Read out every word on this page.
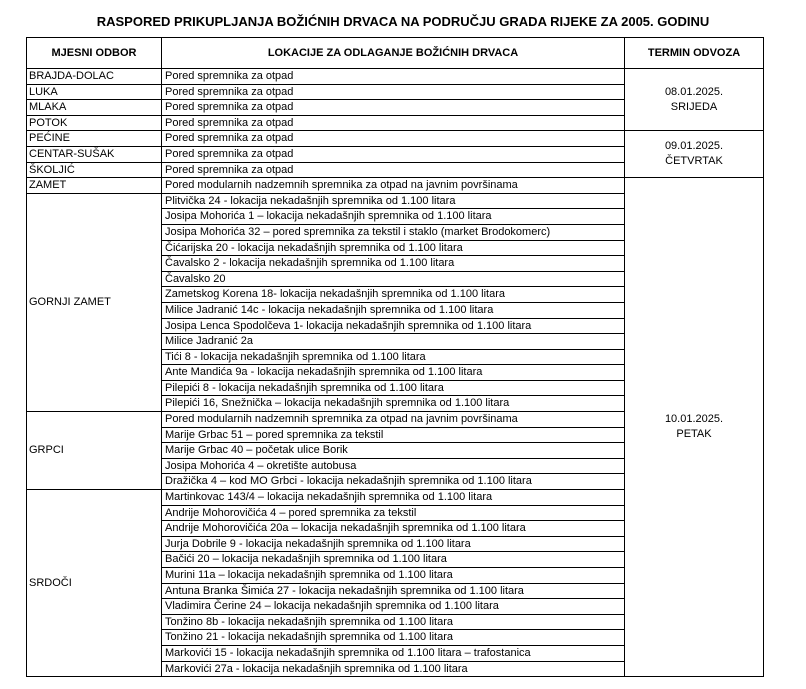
RASPORED PRIKUPLJANJA BOŽIĆNIH DRVACA NA PODRUČJU GRADA RIJEKE ZA 2005. GODINU
MJESNI ODBOR	LOKACIJE ZA ODLAGANJE BOŽIĆNIH DRVACA	TERMIN ODVOZA
BRAJDA-DOLAC	Pored spremnika za otpad	08.01.2025.
SRIJEDA

LUKA	Pored spremnika za otpad	
MLAKA	Pored spremnika za otpad	
POTOK	Pored spremnika za otpad	
PEĆINE	Pored spremnika za otpad	09.01.2025.
ČETVRTAK

CENTAR-SUŠAK	Pored spremnika za otpad	
ŠKOLJIĆ	Pored spremnika za otpad	
ZAMET	Pored modularnih nadzemnih spremnika za otpad na javnim površinama	10.01.2025.
PETAK

GORNJI ZAMET	Plitvička 24 - lokacija nekadašnjih spremnika od 1.100 litara	
	Josipa Mohorića 1 – lokacija nekadašnjih spremnika od 1.100 litara	
	Josipa Mohorića 32 – pored spremnika za tekstil i staklo (market Brodokomerc)	
	Čićarijska 20 - lokacija nekadašnjih spremnika od 1.100 litara	
	Čavalsko 2 - lokacija nekadašnjih spremnika od 1.100 litara	
	Čavalsko 20	
	Zametskog Korena 18- lokacija nekadašnjih spremnika od 1.100 litara	
	Milice Jadranić 14c - lokacija nekadašnjih spremnika od 1.100 litara	
	Josipa Lenca Spodolčeva 1- lokacija nekadašnjih spremnika od 1.100 litara	
	Milice Jadranić 2a	
	Tići 8 - lokacija nekadašnjih spremnika od 1.100 litara	
	Ante Mandića 9a - lokacija nekadašnjih spremnika od 1.100 litara	
	Pilepići 8 - lokacija nekadašnjih spremnika od 1.100 litara	
	Pilepići 16, Snežnička – lokacija nekadašnjih spremnika od 1.100 litara	
GRPCI	Pored modularnih nadzemnih spremnika za otpad na javnim površinama	
	Marije Grbac 51 – pored spremnika za tekstil	
	Marije Grbac 40 – početak ulice Borik	
	Josipa Mohorića 4 – okretište autobusa	
	Dražička 4 – kod MO Grbci - lokacija nekadašnjih spremnika od 1.100 litara	
SRDOČI	Martinkovac 143/4 – lokacija nekadašnjih spremnika od 1.100 litara	
	Andrije Mohorovičića 4 – pored spremnika za tekstil	
	Andrije Mohorovičića 20a – lokacija nekadašnjih spremnika od 1.100 litara	
	Jurja Dobrile 9 - lokacija nekadašnjih spremnika od 1.100 litara	
	Bačići 20 – lokacija nekadašnjih spremnika od 1.100 litara	
	Murini 11a – lokacija nekadašnjih spremnika od 1.100 litara	
	Antuna Branka Šimića 27 - lokacija nekadašnjih spremnika od 1.100 litara	
	Vladimira Čerine 24 – lokacija nekadašnjih spremnika od 1.100 litara	
	Tonžino 8b - lokacija nekadašnjih spremnika od 1.100 litara	
	Tonžino 21 - lokacija nekadašnjih spremnika od 1.100 litara	
	Markovići 15 - lokacija nekadašnjih spremnika od 1.100 litara – trafostanica	
	Markovići 27a - lokacija nekadašnjih spremnika od 1.100 litara	
